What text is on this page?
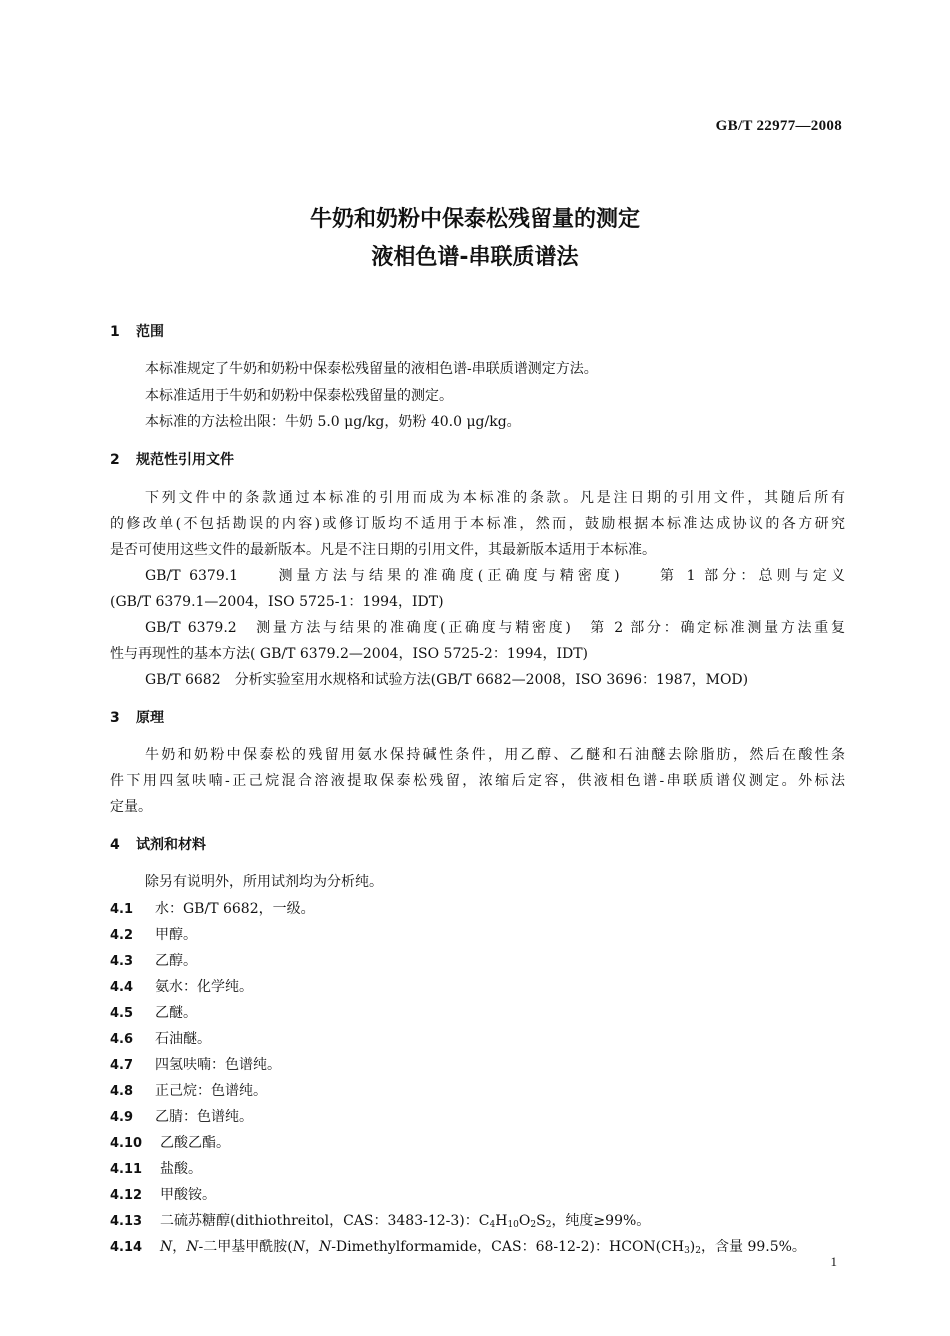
GB/T 22977—2008
牛奶和奶粉中保泰松残留量的测定
液相色谱-串联质谱法
1 范围
本标准规定了牛奶和奶粉中保泰松残留量的液相色谱-串联质谱测定方法。
本标准适用于牛奶和奶粉中保泰松残留量的测定。
本标准的方法检出限：牛奶 5.0 μg/kg，奶粉 40.0 μg/kg。
2 规范性引用文件
下列文件中的条款通过本标准的引用而成为本标准的条款。凡是注日期的引用文件，其随后所有
的修改单(不包括勘误的内容)或修订版均不适用于本标准，然而，鼓励根据本标准达成协议的各方研究
是否可使用这些文件的最新版本。凡是不注日期的引用文件，其最新版本适用于本标准。
GB/T 6379.1　　测量方法与结果的准确度(正确度与精密度)　　第 1 部分：总则与定义
(GB/T 6379.1—2004，ISO 5725-1：1994，IDT)
GB/T 6379.2　测量方法与结果的准确度(正确度与精密度)　第 2 部分：确定标准测量方法重复
性与再现性的基本方法( GB/T 6379.2—2004，ISO 5725-2：1994，IDT)
GB/T 6682　分析实验室用水规格和试验方法(GB/T 6682—2008，ISO 3696：1987，MOD)
3 原理
牛奶和奶粉中保泰松的残留用氨水保持碱性条件，用乙醇、乙醚和石油醚去除脂肪，然后在酸性条
件下用四氢呋喃-正己烷混合溶液提取保泰松残留，浓缩后定容，供液相色谱-串联质谱仪测定。外标法
定量。
4 试剂和材料
除另有说明外，所用试剂均为分析纯。
4.1 水：GB/T 6682，一级。
4.2 甲醇。
4.3 乙醇。
4.4 氨水：化学纯。
4.5 乙醚。
4.6 石油醚。
4.7 四氢呋喃：色谱纯。
4.8 正己烷：色谱纯。
4.9 乙腈：色谱纯。
4.10 乙酸乙酯。
4.11 盐酸。
4.12 甲酸铵。
4.13 二硫苏糖醇(dithiothreitol，CAS：3483-12-3)：$C_4H_{10}O_2S_2$，纯度≥99%。
4.14 N，N-二甲基甲酰胺(N，N-Dimethylformamide，CAS：68-12-2)：$HCON(CH_3)_2$，含量 99.5%。
1
